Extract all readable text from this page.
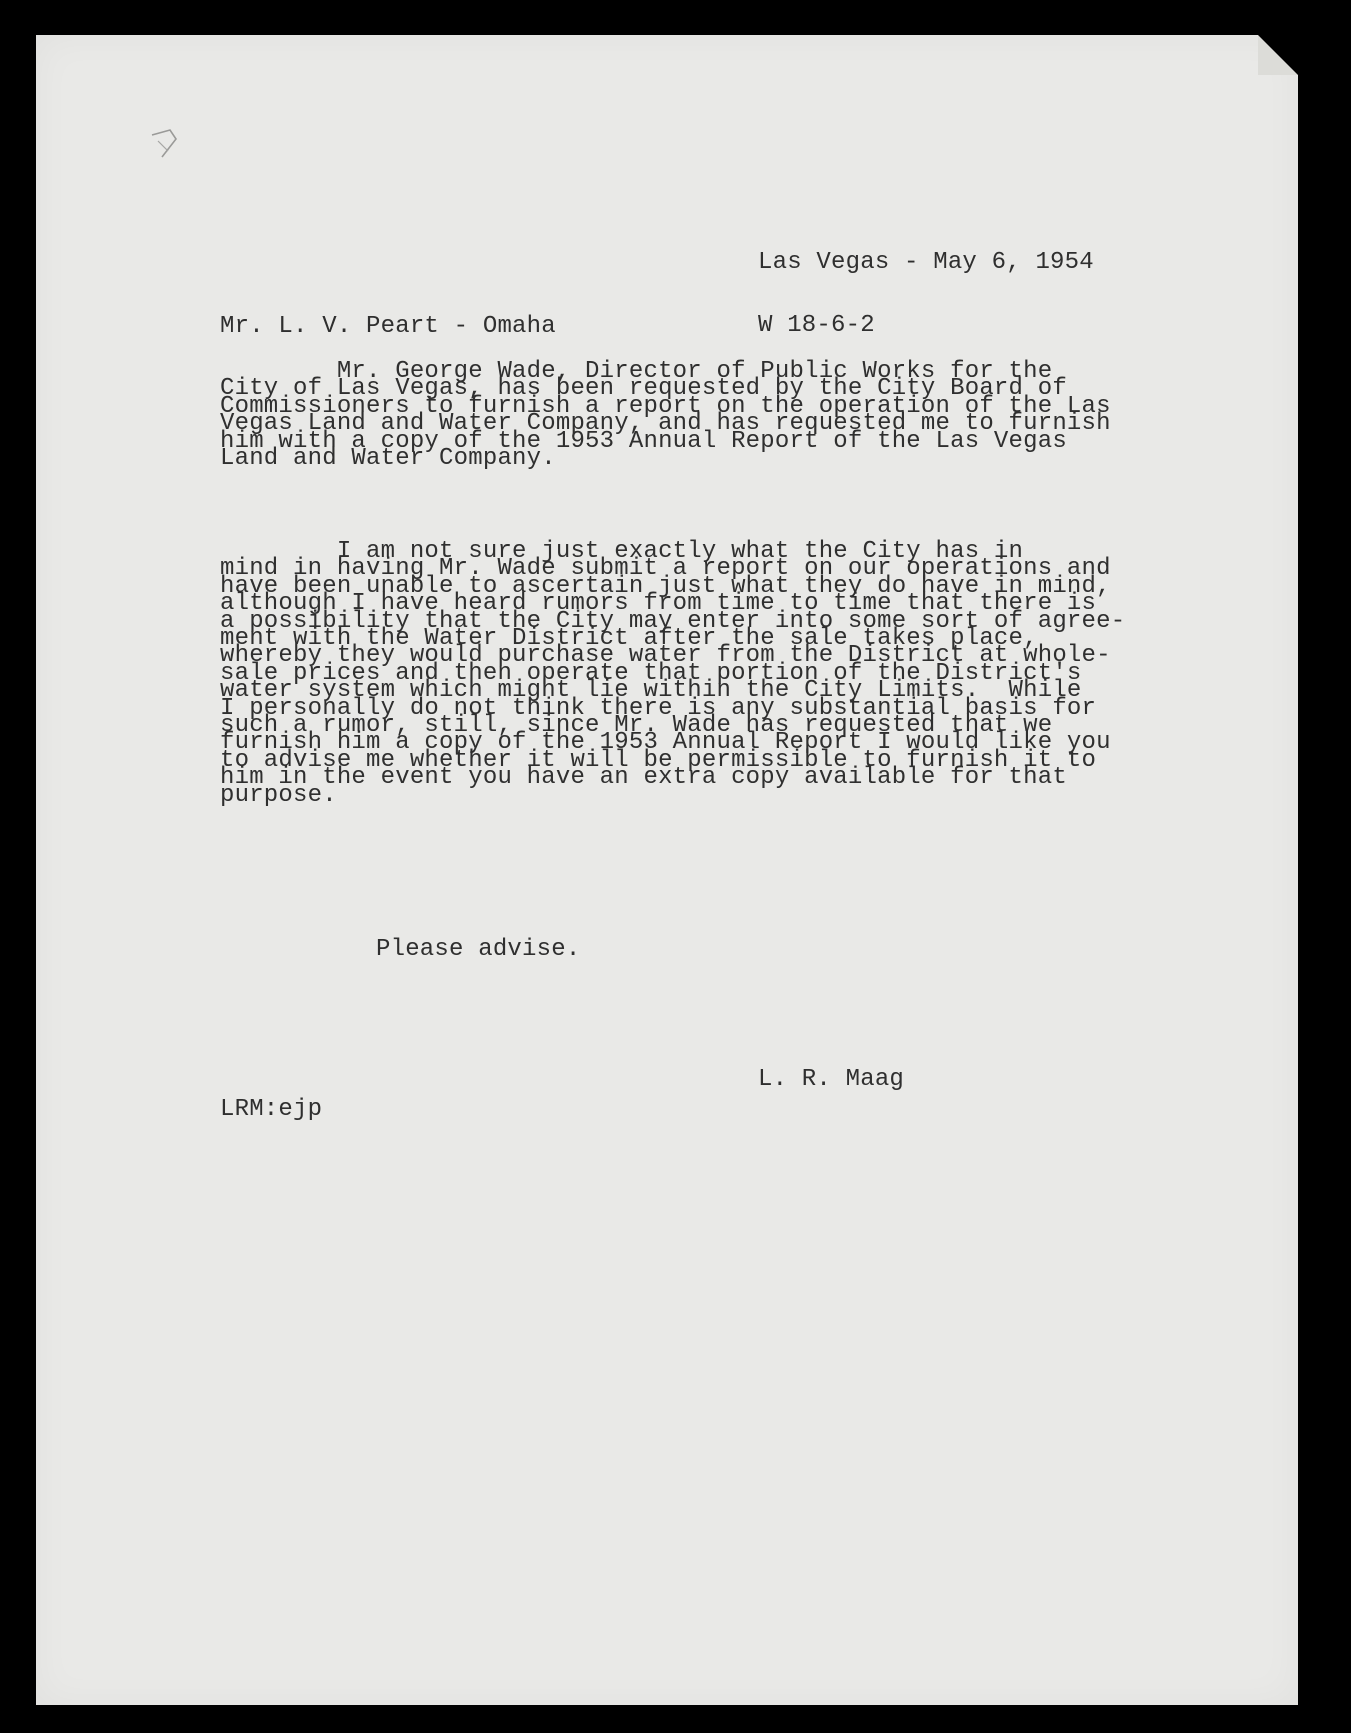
Las Vegas - May 6, 1954

W 18-6-2

Mr. L. V. Peart - Omaha

Mr. George Wade, Director of Public Works for the
City of Las Vegas, has been requested by the City Board of
Commissioners to furnish a report on the operation of the Las
Vegas Land and Water Company, and has requested me to furnish
him with a copy of the 1953 Annual Report of the Las Vegas
Land and Water Company.

I am not sure just exactly what the City has in
mind in having Mr. Wade submit a report on our operations and
have been unable to ascertain just what they do have in mind,
although I have heard rumors from time to time that there is
a possibility that the City may enter into some sort of agree-
ment with the Water District after the sale takes place,
whereby they would purchase water from the District at whole-
sale prices and then operate that portion of the District's
water system which might lie within the City Limits.  While
I personally do not think there is any substantial basis for
such a rumor, still, since Mr. Wade has requested that we
furnish him a copy of the 1953 Annual Report I would like you
to advise me whether it will be permissible to furnish it to
him in the event you have an extra copy available for that
purpose.

Please advise.

L. R. Maag

LRM:ejp
